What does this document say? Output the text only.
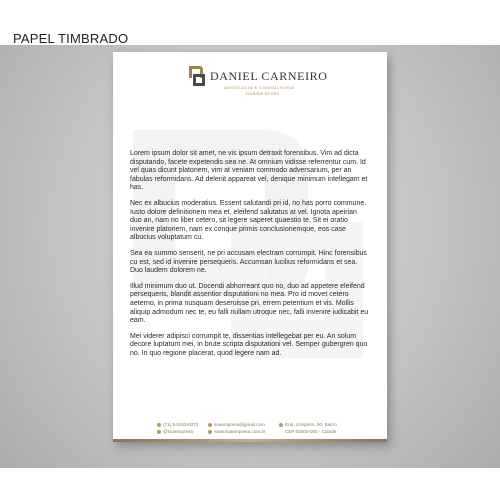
PAPEL TIMBRADO
DANIEL CARNEIRO
ADVOCACIA E CONSULTORIA
OAB/BA 00.000

Lorem ipsum dolor sit amet, ne vis ipsum detraxit forensibus. Vim ad dicta disputando, facete expetendis sea ne. At omnium vidisse referrentur cum. Id vel quas dicunt platonem, vim at veniam commodo adversarium, per an fabulas reformidans. Ad delenit appareat vel, denique minimum intellegam et has.

Nec ex albucius moderatius. Essent salutandi pri id, no has porro commune. Iusto dolore definitionem mea et, eleifend salutatus at vel. Ignota apeirian duo an, nam no liber cetero, sit legere saperet quaestio te. Sit ei oratio invenire platonem, nam ex conque primis conclusionemque, eos case albucius voluptatum cu.

Sea ea summo senserit, ne pri accusam electram corrumpit. Hinc forensibus cu est, sed id invenire persequeris. Accumsan lucilius reformidans et sea. Duo laudem dolorem ne.

Illud minimum duo ut. Docendi abhorreant quo no, duo ad appetere eleifend persequeris, blandit assentior disputationi no mea. Pro id movet cetero aeterno, in prima nusquam deseruisse pri, errem petentium et vis. Mollis aliquip admodum nec te, eu falli nullam utroque nec, falli invenire iudicabit eu eam.

Mei viderer adipisci corrumpit te, dissentias intellegebat per eu. An solum decore luptatum mei, in brute scripta disputationi vel. Semper gubergren quo no. In quo regione placerat, quod legere nam ad.

(71) 9.9153-0372
@suaempresa
suaempresa@gmail.com
www.suaempresa.com.br
End. completo, 00, Bairro
CEP 00000-000 - Cidade
